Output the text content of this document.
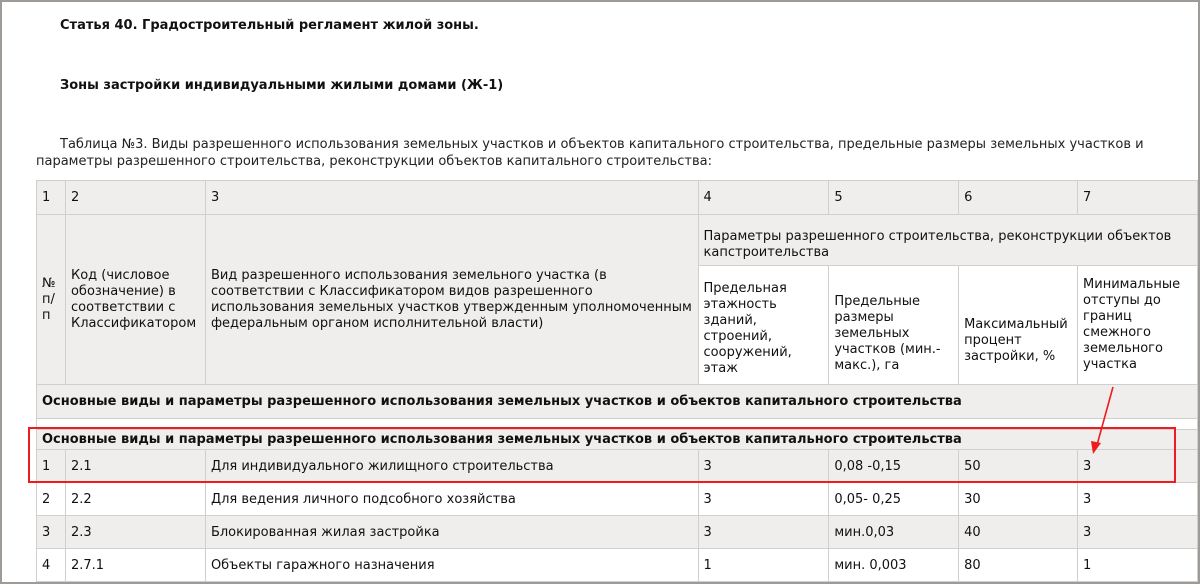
Статья 40. Градостроительный регламент жилой зоны.
Зоны застройки индивидуальными жилыми домами (Ж-1)
Таблица №3. Виды разрешенного использования земельных участков и объектов капитального строительства, предельные размеры земельных участков и параметры разрешенного строительства, реконструкции объектов капитального строительства:
1	2	3	4	5	6	7
№ п/п	Код (числовое обозначение) в соответствии с Классификатором	Вид разрешенного использования земельного участка (в соответствии с Классификатором видов разрешенного использования земельных участков утвержденным уполномоченным федеральным органом исполнительной власти)	Параметры разрешенного строительства, реконструкции объектов капстроительства			
			Предельная этажность зданий, строений, сооружений, этаж	Предельные размеры земельных участков (мин.-макс.), га	Максимальный процент застройки, %	Минимальные отступы до границ смежного земельного участка
Основные виды и параметры разрешенного использования земельных участков и объектов капитального строительства						

Основные виды и параметры разрешенного использования земельных участков и объектов капитального строительства						
1	2.1	Для индивидуального жилищного строительства	3	0,08 -0,15	50	3
2	2.2	Для ведения личного подсобного хозяйства	3	0,05- 0,25	30	3
3	2.3	Блокированная жилая застройка	3	мин.0,03	40	3
4	2.7.1	Объекты гаражного назначения	1	мин. 0,003	80	1
